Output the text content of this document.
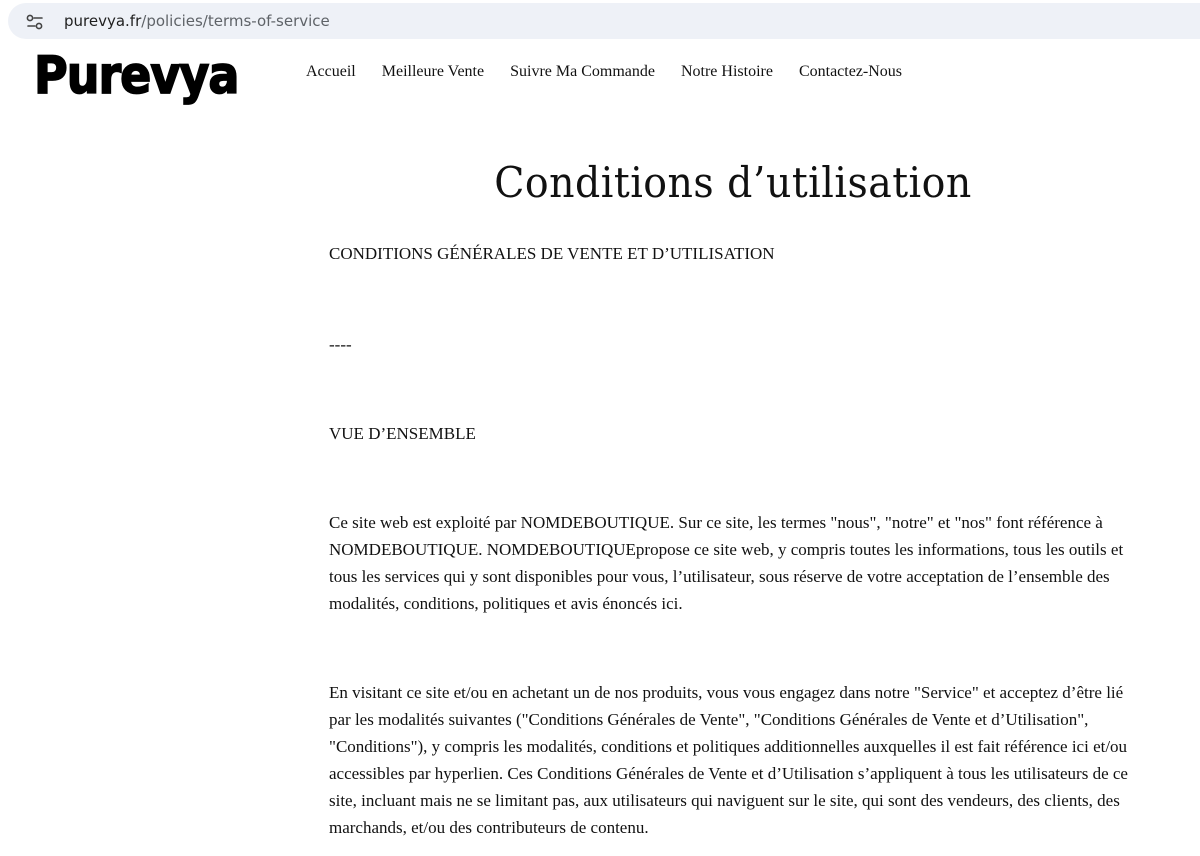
purevya.fr/policies/terms-of-service
Purevya	Accueil Meilleure Vente Suivre Ma Commande Notre Histoire Contactez-Nous
Conditions d’utilisation

CONDITIONS GÉNÉRALES DE VENTE ET D’UTILISATION

----

VUE D’ENSEMBLE

Ce site web est exploité par NOMDEBOUTIQUE. Sur ce site, les termes "nous", "notre" et "nos" font référence à NOMDEBOUTIQUE. NOMDEBOUTIQUEpropose ce site web, y compris toutes les informations, tous les outils et tous les services qui y sont disponibles pour vous, l’utilisateur, sous réserve de votre acceptation de l’ensemble des modalités, conditions, politiques et avis énoncés ici.

En visitant ce site et/ou en achetant un de nos produits, vous vous engagez dans notre "Service" et acceptez d’être lié par les modalités suivantes ("Conditions Générales de Vente", "Conditions Générales de Vente et d’Utilisation", "Conditions"), y compris les modalités, conditions et politiques additionnelles auxquelles il est fait référence ici et/ou accessibles par hyperlien. Ces Conditions Générales de Vente et d’Utilisation s’appliquent à tous les utilisateurs de ce site, incluant mais ne se limitant pas, aux utilisateurs qui naviguent sur le site, qui sont des vendeurs, des clients, des marchands, et/ou des contributeurs de contenu.
